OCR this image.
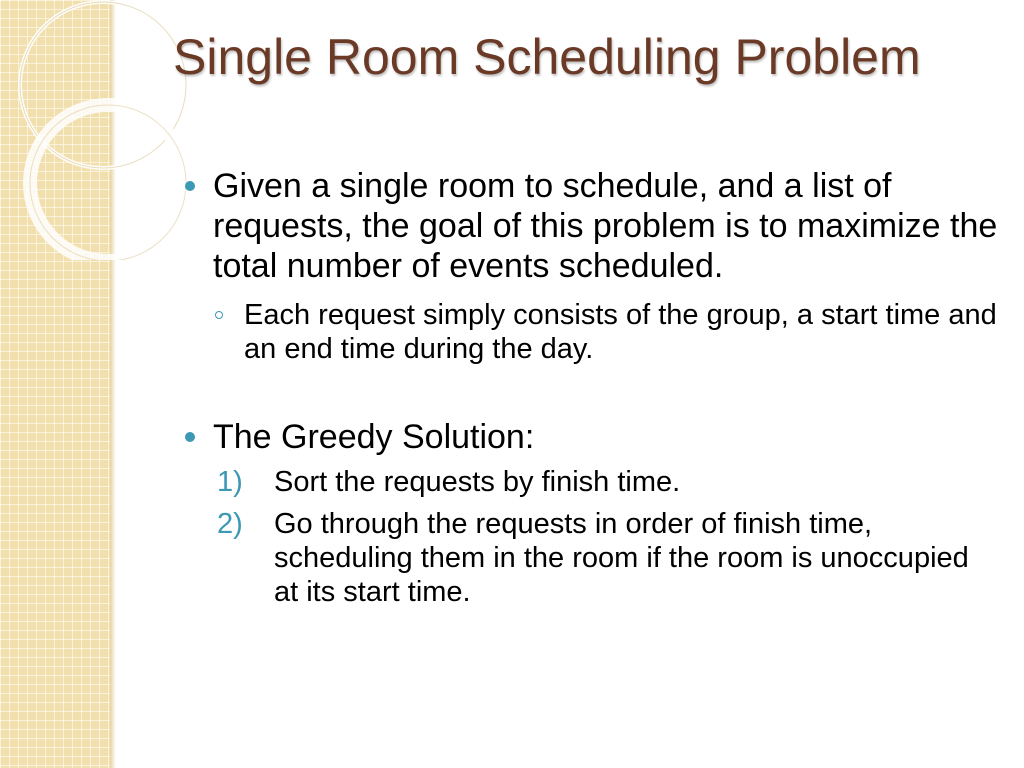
Single Room Scheduling Problem
Given a single room to schedule, and a list of requests, the goal of this problem is to maximize the total number of events scheduled.
Each request simply consists of the group, a start time and an end time during the day.
The Greedy Solution:
1) Sort the requests by finish time.
2) Go through the requests in order of finish time, scheduling them in the room if the room is unoccupied at its start time.
